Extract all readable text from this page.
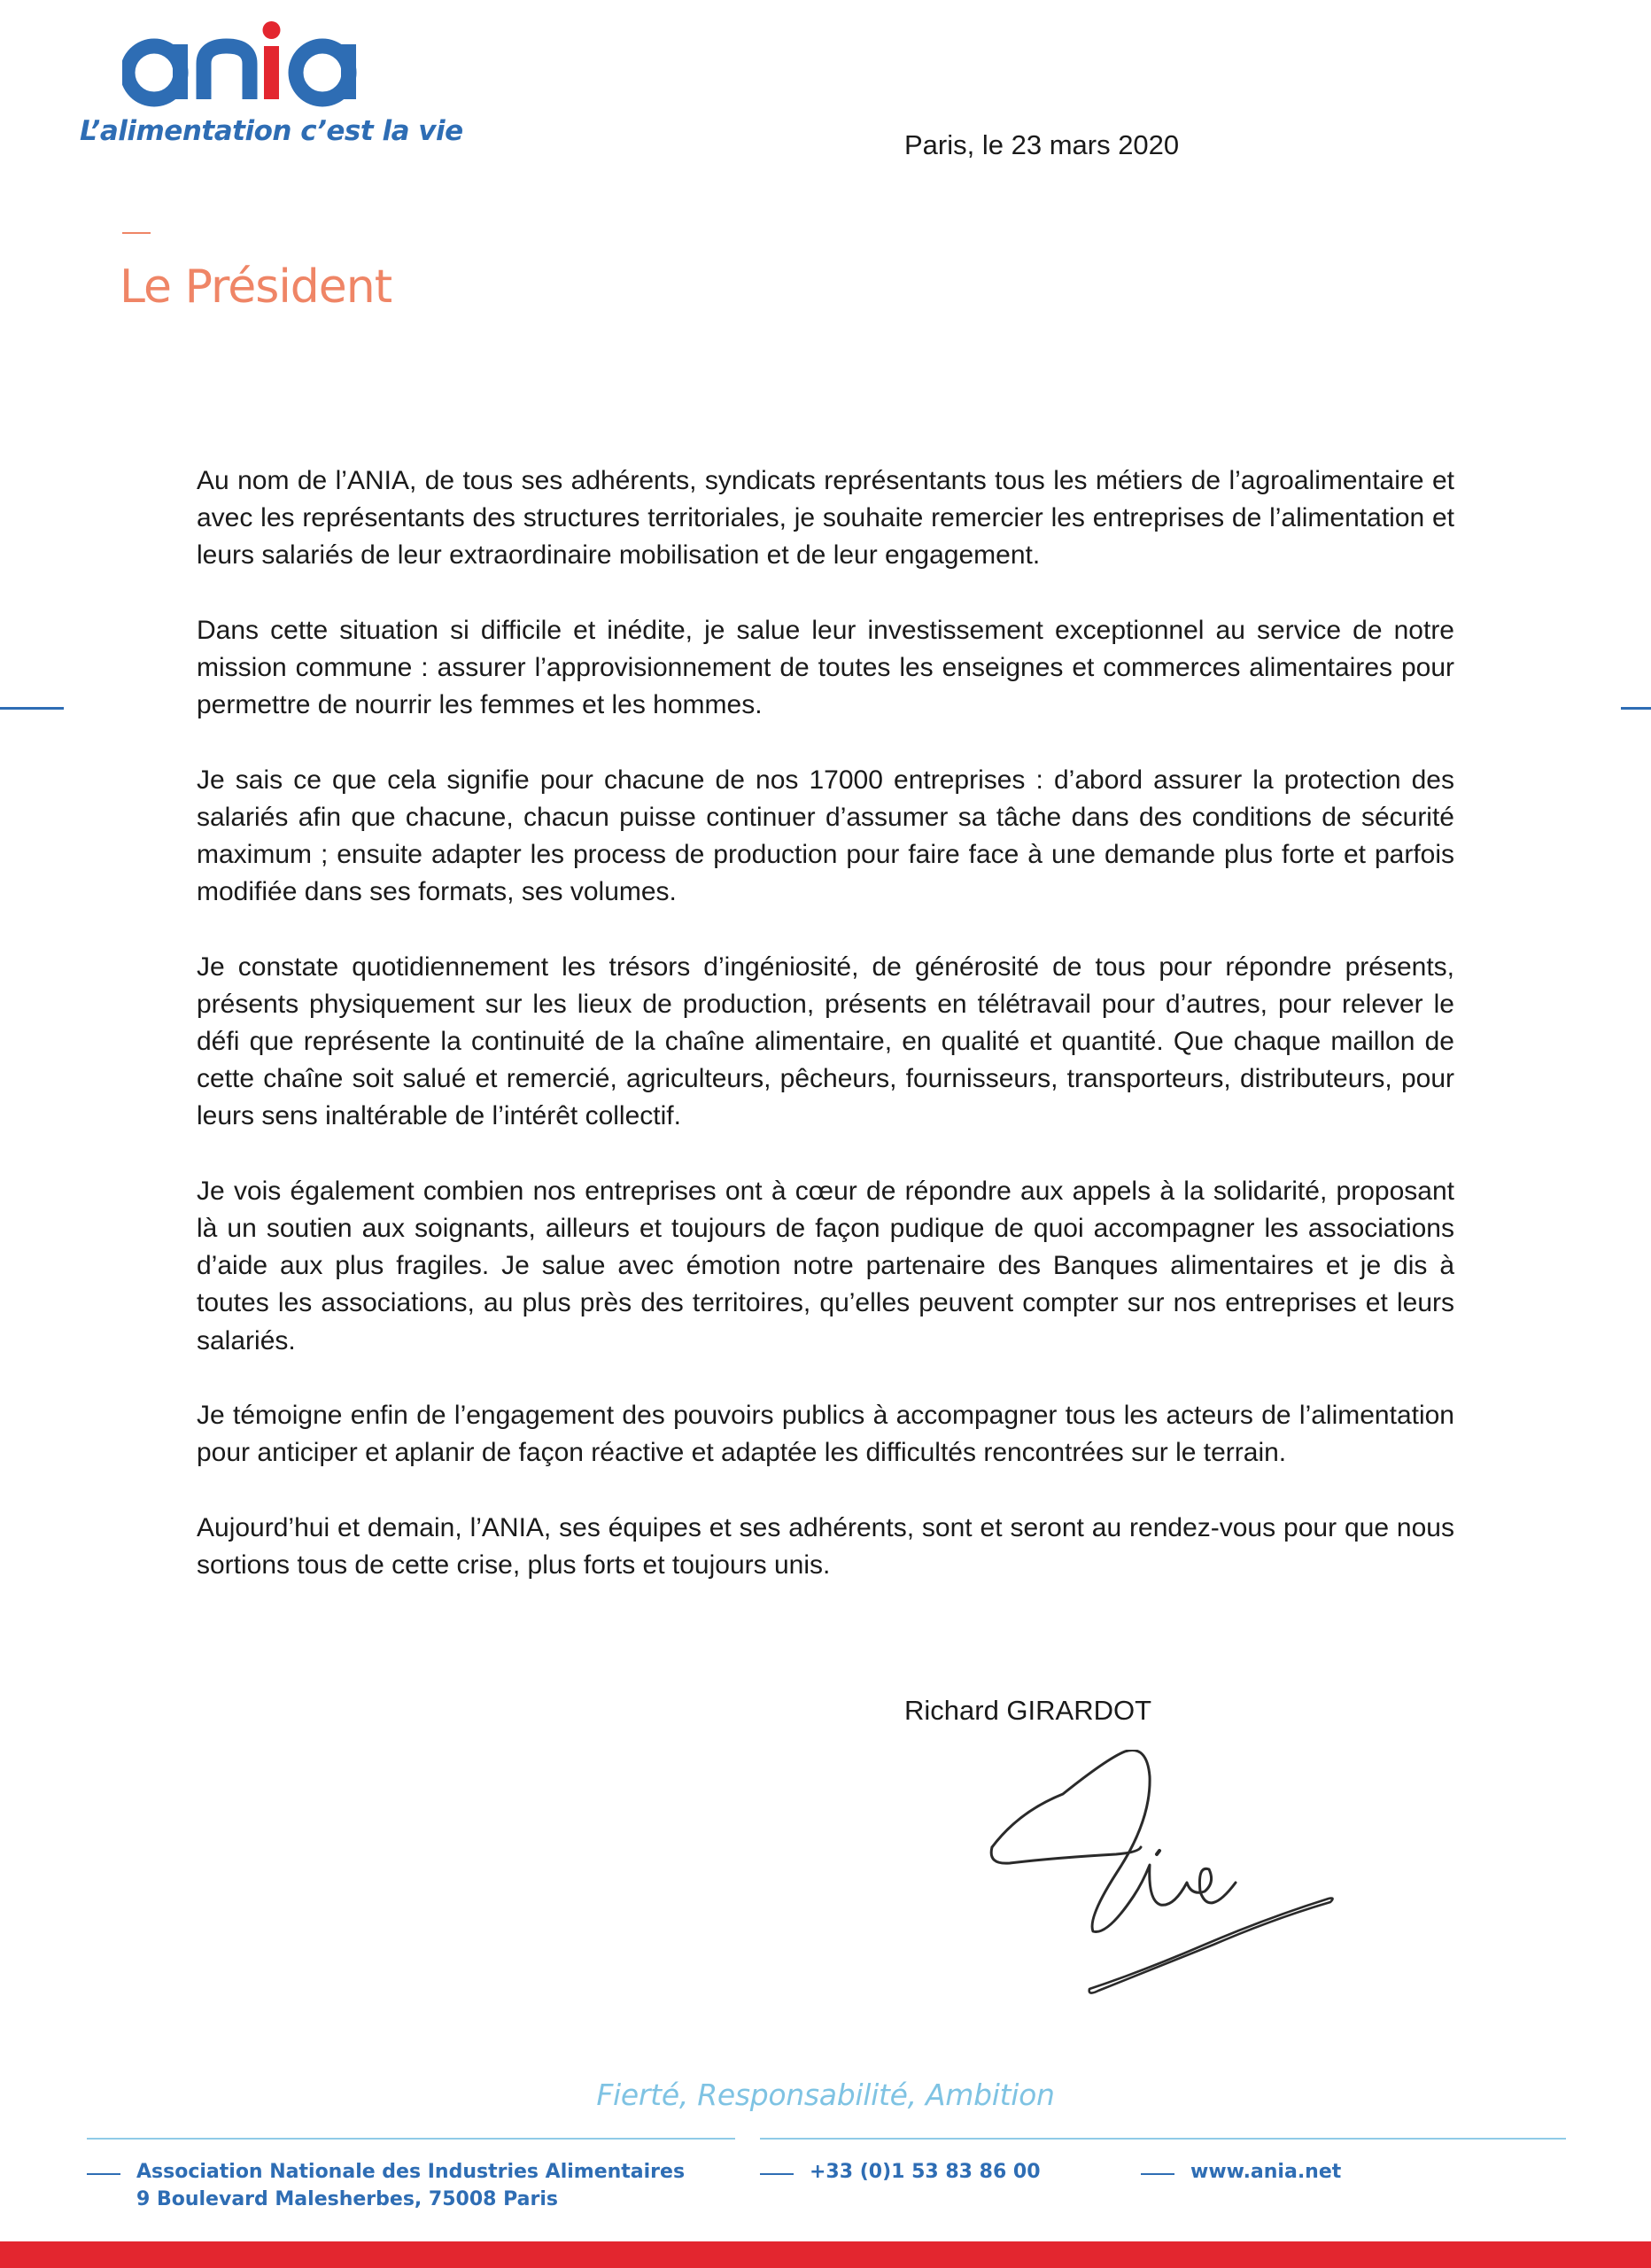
L’alimentation c’est la vie	Paris, le 23 mars 2020
Le Président

Au nom de l’ANIA, de tous ses adhérents, syndicats représentants tous les métiers de l’agroalimentaire et avec les représentants des structures territoriales, je souhaite remercier les entreprises de l’alimentation et leurs salariés de leur extraordinaire mobilisation et de leur engagement.

Dans cette situation si difficile et inédite, je salue leur investissement exceptionnel au service de notre mission commune : assurer l’approvisionnement de toutes les enseignes et commerces alimentaires pour permettre de nourrir les femmes et les hommes.

Je sais ce que cela signifie pour chacune de nos 17000 entreprises : d’abord assurer la protection des salariés afin que chacune, chacun puisse continuer d’assumer sa tâche dans des conditions de sécurité maximum ; ensuite adapter les process de production pour faire face à une demande plus forte et parfois modifiée dans ses formats, ses volumes.

Je constate quotidiennement les trésors d’ingéniosité, de générosité de tous pour répondre présents, présents physiquement sur les lieux de production, présents en télétravail pour d’autres, pour relever le défi que représente la continuité de la chaîne alimentaire, en qualité et quantité. Que chaque maillon de cette chaîne soit salué et remercié, agriculteurs, pêcheurs, fournisseurs, transporteurs, distributeurs, pour leurs sens inaltérable de l’intérêt collectif.

Je vois également combien nos entreprises ont à cœur de répondre aux appels à la solidarité, proposant là un soutien aux soignants, ailleurs et toujours de façon pudique de quoi accompagner les associations d’aide aux plus fragiles. Je salue avec émotion notre partenaire des Banques alimentaires et je dis à toutes les associations, au plus près des territoires, qu’elles peuvent compter sur nos entreprises et leurs salariés.

Je témoigne enfin de l’engagement des pouvoirs publics à accompagner tous les acteurs de l’alimentation pour anticiper et aplanir de façon réactive et adaptée les difficultés rencontrées sur le terrain.

Aujourd’hui et demain, l’ANIA, ses équipes et ses adhérents, sont et seront au rendez-vous pour que nous sortions tous de cette crise, plus forts et toujours unis.

Richard GIRARDOT
Fierté, Responsabilité, Ambition
Association Nationale des Industries Alimentaires
9 Boulevard Malesherbes, 75008 Paris
+33 (0)1 53 83 86 00	www.ania.net
